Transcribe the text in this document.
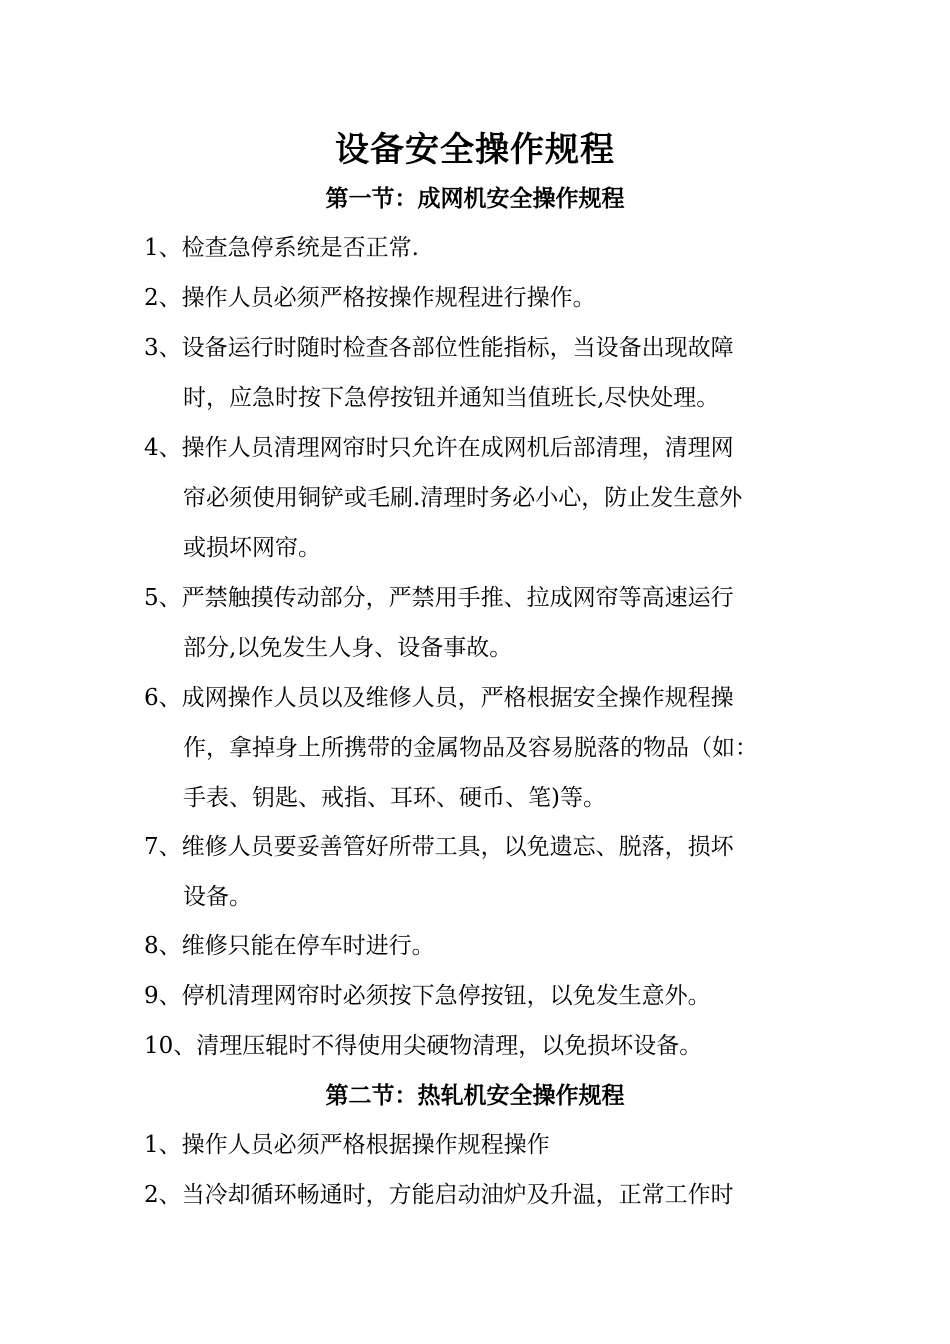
设备安全操作规程
第一节：成网机安全操作规程

1、检查急停系统是否正常.

2、操作人员必须严格按操作规程进行操作。

3、设备运行时随时检查各部位性能指标，当设备出现故障

时，应急时按下急停按钮并通知当值班长,尽快处理。

4、操作人员清理网帘时只允许在成网机后部清理，清理网

帘必须使用铜铲或毛刷.清理时务必小心，防止发生意外

或损坏网帘。

5、严禁触摸传动部分，严禁用手推、拉成网帘等高速运行

部分,以免发生人身、设备事故。

6、成网操作人员以及维修人员，严格根据安全操作规程操

作，拿掉身上所携带的金属物品及容易脱落的物品（如：

手表、钥匙、戒指、耳环、硬币、笔)等。

7、维修人员要妥善管好所带工具，以免遗忘、脱落，损坏

设备。

8、维修只能在停车时进行。

9、停机清理网帘时必须按下急停按钮，以免发生意外。

10、清理压辊时不得使用尖硬物清理，以免损坏设备。

第二节：热轧机安全操作规程

1、操作人员必须严格根据操作规程操作

2、当冷却循环畅通时，方能启动油炉及升温，正常工作时
